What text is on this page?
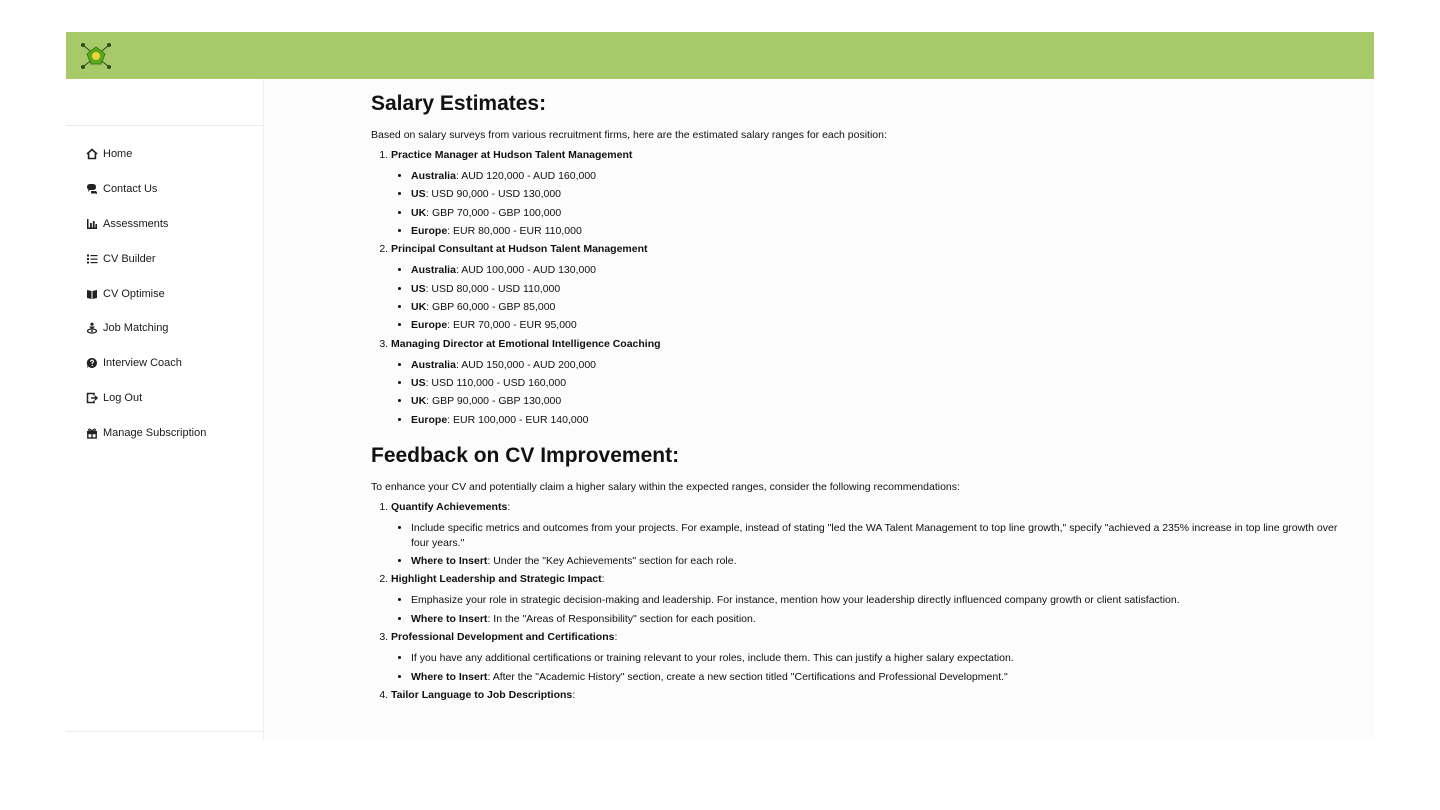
Home
Contact Us
Assessments
CV Builder
CV Optimise
Job Matching
Interview Coach
Log Out
Manage Subscription
Salary Estimates:

Based on salary surveys from various recruitment firms, here are the estimated salary ranges for each position:

1. Practice Manager at Hudson Talent Management
• Australia: AUD 120,000 - AUD 160,000
• US: USD 90,000 - USD 130,000
• UK: GBP 70,000 - GBP 100,000
• Europe: EUR 80,000 - EUR 110,000
2. Principal Consultant at Hudson Talent Management
• Australia: AUD 100,000 - AUD 130,000
• US: USD 80,000 - USD 110,000
• UK: GBP 60,000 - GBP 85,000
• Europe: EUR 70,000 - EUR 95,000
3. Managing Director at Emotional Intelligence Coaching
• Australia: AUD 150,000 - AUD 200,000
• US: USD 110,000 - USD 160,000
• UK: GBP 90,000 - GBP 130,000
• Europe: EUR 100,000 - EUR 140,000
Feedback on CV Improvement:

To enhance your CV and potentially claim a higher salary within the expected ranges, consider the following recommendations:

1. Quantify Achievements:
• Include specific metrics and outcomes from your projects. For example, instead of stating "led the WA Talent Management to top line growth," specify "achieved a 235% increase in top line growth over four years."
• Where to Insert: Under the "Key Achievements" section for each role.
2. Highlight Leadership and Strategic Impact:
• Emphasize your role in strategic decision-making and leadership. For instance, mention how your leadership directly influenced company growth or client satisfaction.
• Where to Insert: In the "Areas of Responsibility" section for each position.
3. Professional Development and Certifications:
• If you have any additional certifications or training relevant to your roles, include them. This can justify a higher salary expectation.
• Where to Insert: After the "Academic History" section, create a new section titled "Certifications and Professional Development."
4. Tailor Language to Job Descriptions:
